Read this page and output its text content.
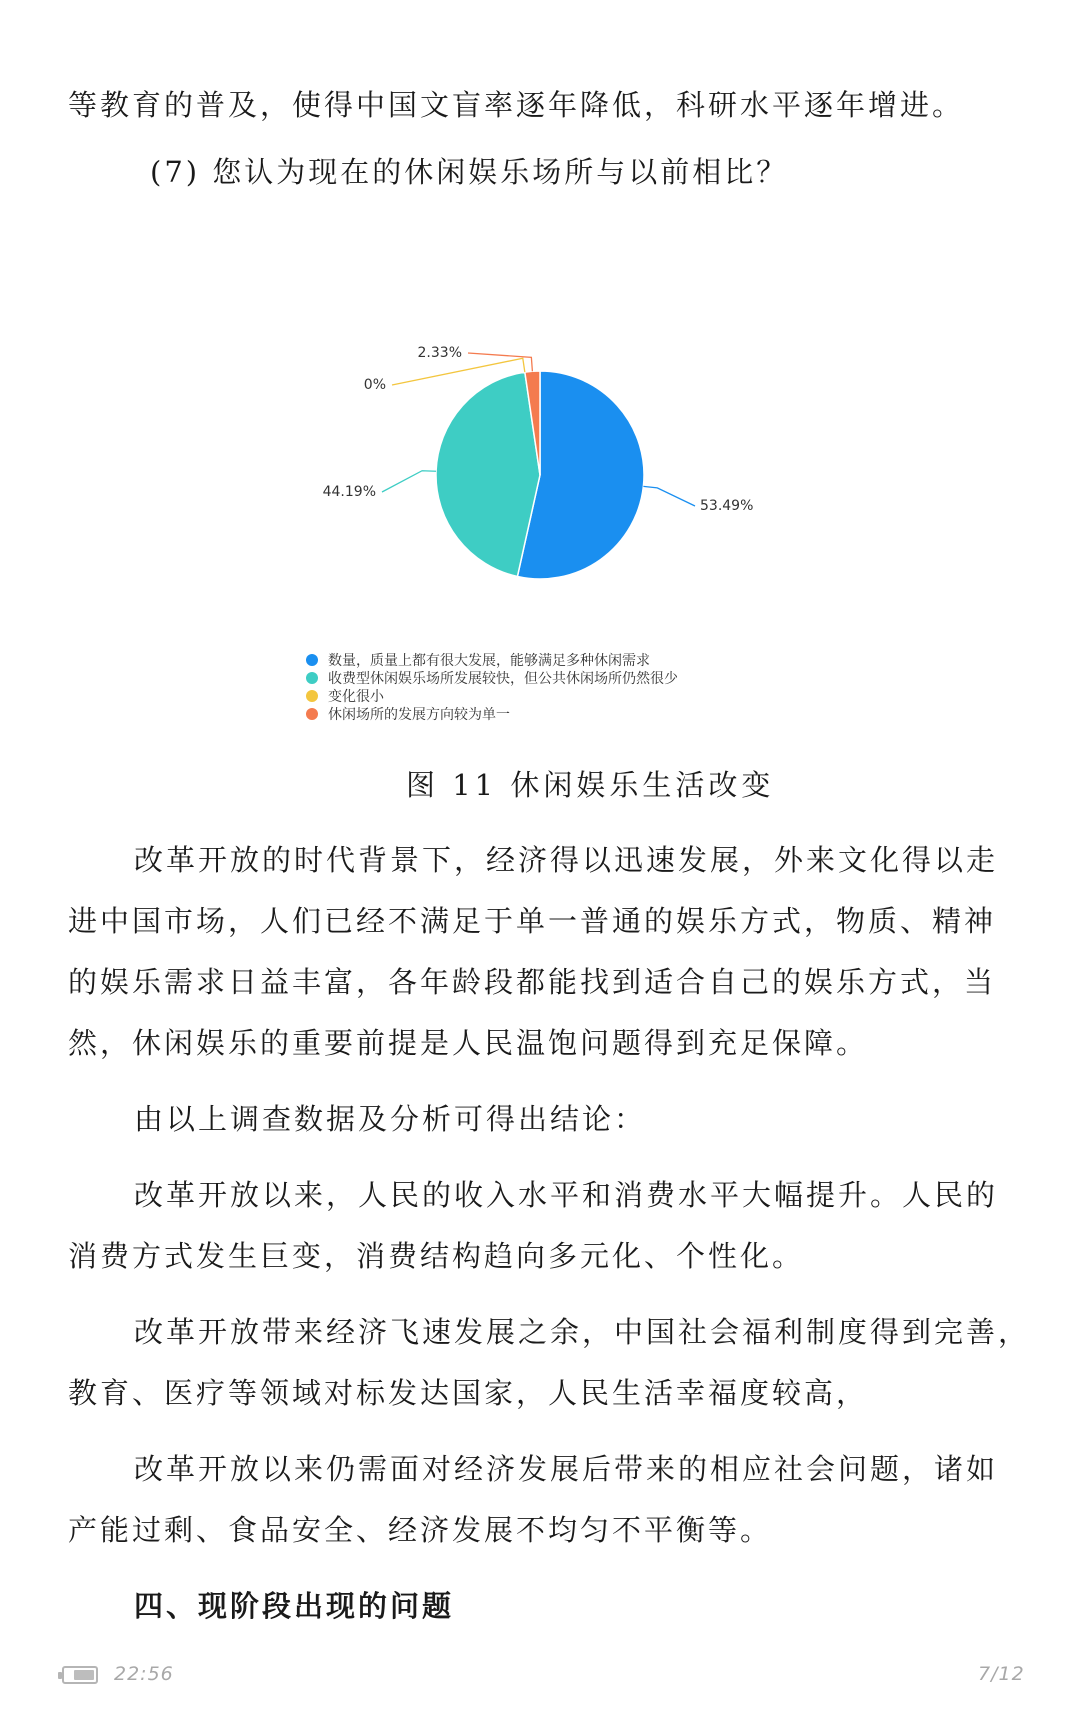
等教育的普及，使得中国文盲率逐年降低，科研水平逐年增进。

(7) 您认为现在的休闲娱乐场所与以前相比？

53.49%
44.19%
0%
2.33%
数量，质量上都有很大发展，能够满足多种休闲需求
收费型休闲娱乐场所发展较快，但公共休闲场所仍然很少
变化很小
休闲场所的发展方向较为单一

图 11 休闲娱乐生活改变

改革开放的时代背景下，经济得以迅速发展，外来文化得以走

进中国市场，人们已经不满足于单一普通的娱乐方式，物质、精神

的娱乐需求日益丰富，各年龄段都能找到适合自己的娱乐方式，当

然，休闲娱乐的重要前提是人民温饱问题得到充足保障。

由以上调查数据及分析可得出结论：

改革开放以来，人民的收入水平和消费水平大幅提升。人民的

消费方式发生巨变，消费结构趋向多元化、个性化。

改革开放带来经济飞速发展之余，中国社会福利制度得到完善，

教育、医疗等领域对标发达国家，人民生活幸福度较高，

改革开放以来仍需面对经济发展后带来的相应社会问题，诸如

产能过剩、食品安全、经济发展不均匀不平衡等。

四、现阶段出现的问题

22:56	7/12
